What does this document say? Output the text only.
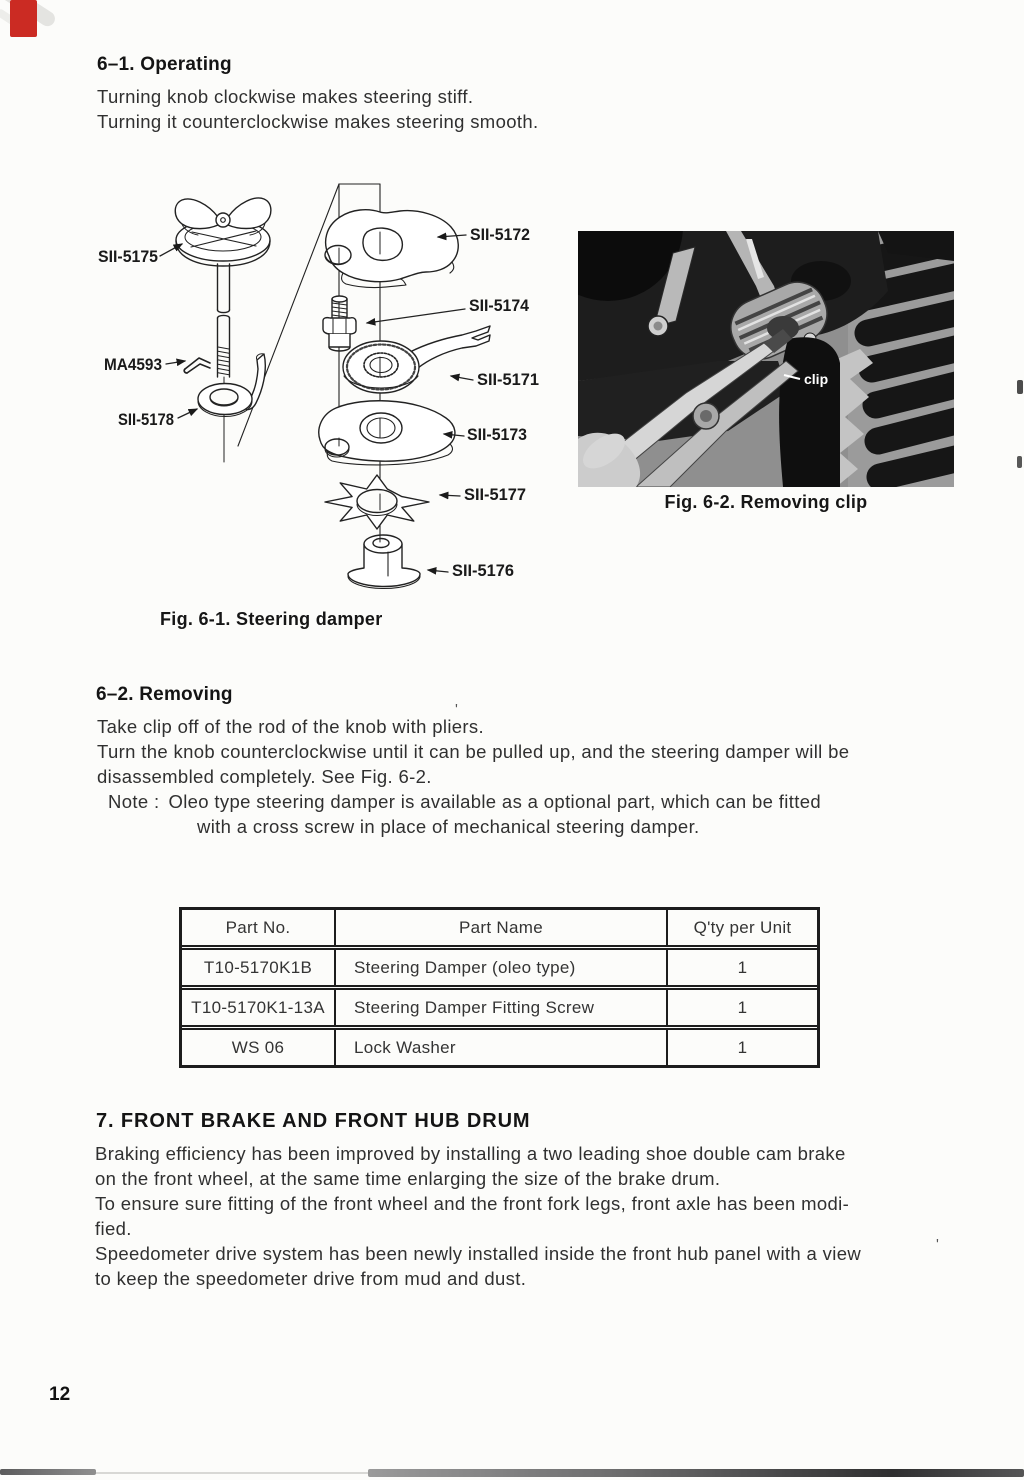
6–1. Operating
Turning knob clockwise makes steering stiff.
Turning it counterclockwise makes steering smooth.
SII-5175
MA4593
SII-5178
SII-5172
SII-5174
SII-5171
SII-5173
SII-5177
SII-5176
Fig. 6-1. Steering damper
clip
Fig. 6-2. Removing clip
6–2. Removing
Take clip off of the rod of the knob with pliers.
Turn the knob counterclockwise until it can be pulled up, and the steering damper will be
disassembled completely. See Fig. 6-2.
Note : Oleo type steering damper is available as a optional part, which can be fitted
with a cross screw in place of mechanical steering damper.
Part No.	Part Name	Q'ty per Unit
T10-5170K1B	Steering Damper (oleo type)	1
T10-5170K1-13A	Steering Damper Fitting Screw	1
WS 06	Lock Washer	1
7. FRONT BRAKE AND FRONT HUB DRUM
Braking efficiency has been improved by installing a two leading shoe double cam brake
on the front wheel, at the same time enlarging the size of the brake drum.
To ensure sure fitting of the front wheel and the front fork legs, front axle has been modi-
fied.
Speedometer drive system has been newly installed inside the front hub panel with a view
to keep the speedometer drive from mud and dust.
'
'
12
